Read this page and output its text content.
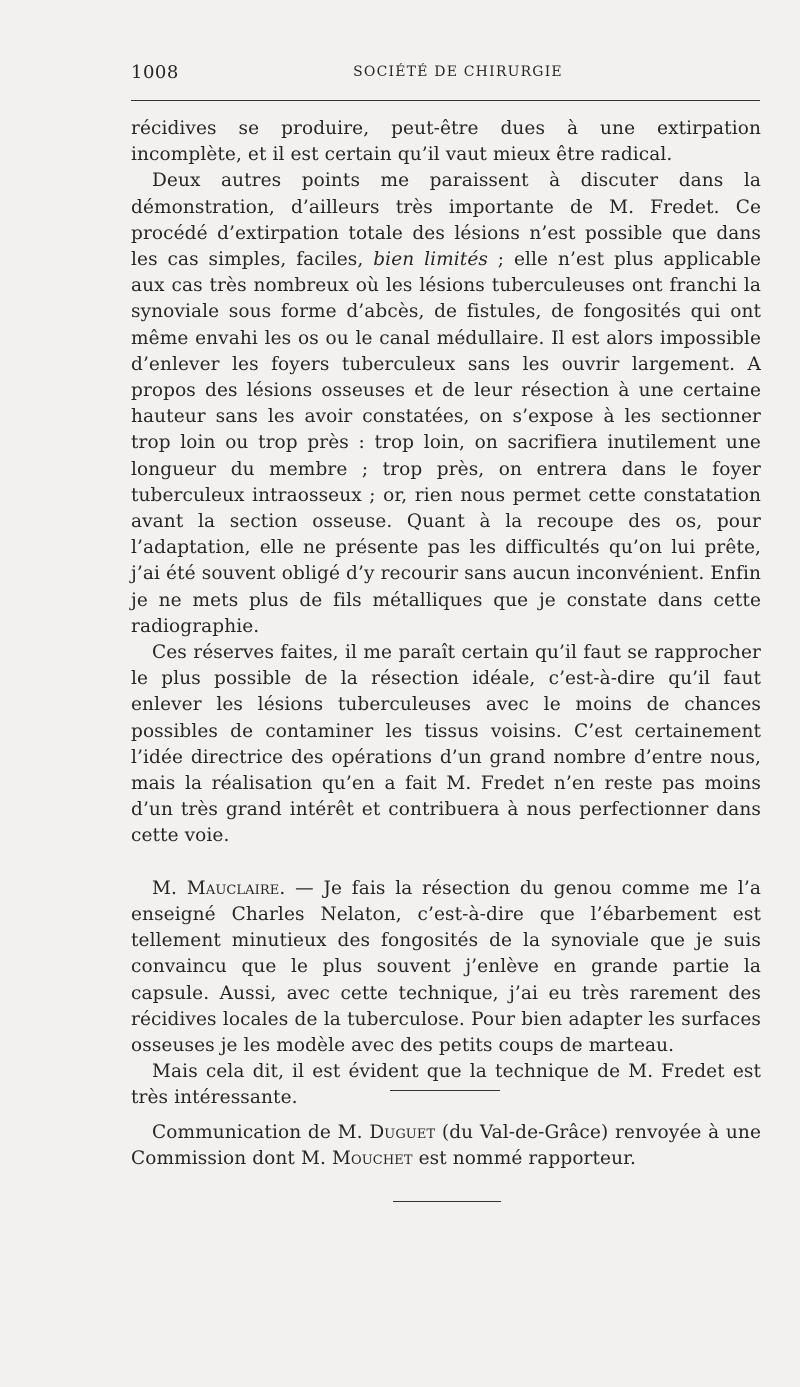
1008	SOCIÉTÉ DE CHIRURGIE

récidives se produire, peut-être dues à une extirpation incomplète, et il est certain qu’il vaut mieux être radical.

Deux autres points me paraissent à discuter dans la démonstration, d’ailleurs très importante de M. Fredet. Ce procédé d’extirpation totale des lésions n’est possible que dans les cas simples, faciles, bien limités ; elle n’est plus applicable aux cas très nombreux où les lésions tuberculeuses ont franchi la synoviale sous forme d’abcès, de fistules, de fongosités qui ont même envahi les os ou le canal médullaire. Il est alors impossible d’enlever les foyers tuberculeux sans les ouvrir largement. A propos des lésions osseuses et de leur résection à une certaine hauteur sans les avoir constatées, on s’expose à les sectionner trop loin ou trop près : trop loin, on sacrifiera inutilement une longueur du membre ; trop près, on entrera dans le foyer tuberculeux intraosseux ; or, rien nous permet cette constatation avant la section osseuse. Quant à la recoupe des os, pour l’adaptation, elle ne présente pas les difficultés qu’on lui prête, j’ai été souvent obligé d’y recourir sans aucun inconvénient. Enfin je ne mets plus de fils métalliques que je constate dans cette radiographie.

Ces réserves faites, il me paraît certain qu’il faut se rapprocher le plus possible de la résection idéale, c’est-à-dire qu’il faut enlever les lésions tuberculeuses avec le moins de chances possibles de contaminer les tissus voisins. C’est certainement l’idée directrice des opérations d’un grand nombre d’entre nous, mais la réalisation qu’en a fait M. Fredet n’en reste pas moins d’un très grand intérêt et contribuera à nous perfectionner dans cette voie.

M. Mauclaire. — Je fais la résection du genou comme me l’a enseigné Charles Nelaton, c’est-à-dire que l’ébarbement est tellement minutieux des fongosités de la synoviale que je suis convaincu que le plus souvent j’enlève en grande partie la capsule. Aussi, avec cette technique, j’ai eu très rarement des récidives locales de la tuberculose. Pour bien adapter les surfaces osseuses je les modèle avec des petits coups de marteau.

Mais cela dit, il est évident que la technique de M. Fredet est très intéressante.

Communication de M. Duguet (du Val-de-Grâce) renvoyée à une Commission dont M. Mouchet est nommé rapporteur.
